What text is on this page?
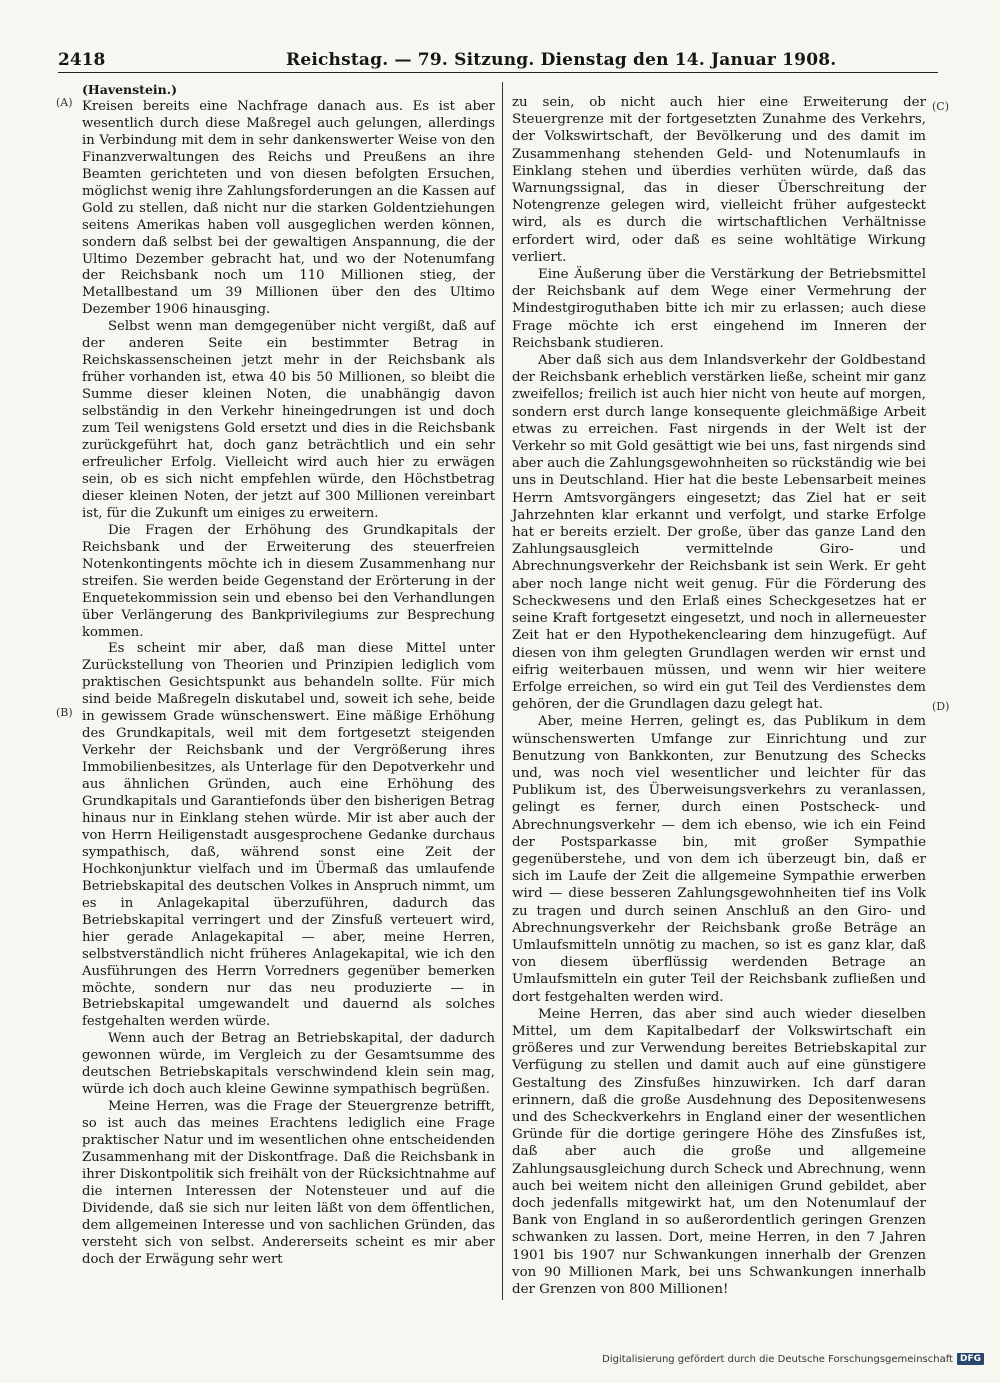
2418	Reichstag. — 79. Sitzung. Dienstag den 14. Januar 1908.
(A)
(B)
(C)
(D)
(Havenstein.)

Kreisen bereits eine Nachfrage danach aus. Es ist aber wesentlich durch diese Maßregel auch gelungen, allerdings in Verbindung mit dem in sehr dankenswerter Weise von den Finanzverwaltungen des Reichs und Preußens an ihre Beamten gerichteten und von diesen befolgten Ersuchen, möglichst wenig ihre Zahlungsforderungen an die Kassen auf Gold zu stellen, daß nicht nur die starken Goldentziehungen seitens Amerikas haben voll ausgeglichen werden können, sondern daß selbst bei der gewaltigen Anspannung, die der Ultimo Dezember gebracht hat, und wo der Notenumfang der Reichsbank noch um 110 Millionen stieg, der Metallbestand um 39 Millionen über den des Ultimo Dezember 1906 hinausging.

Selbst wenn man demgegenüber nicht vergißt, daß auf der anderen Seite ein bestimmter Betrag in Reichskassenscheinen jetzt mehr in der Reichsbank als früher vorhanden ist, etwa 40 bis 50 Millionen, so bleibt die Summe dieser kleinen Noten, die unabhängig davon selbständig in den Verkehr hineingedrungen ist und doch zum Teil wenigstens Gold ersetzt und dies in die Reichsbank zurückgeführt hat, doch ganz beträchtlich und ein sehr erfreulicher Erfolg. Vielleicht wird auch hier zu erwägen sein, ob es sich nicht empfehlen würde, den Höchstbetrag dieser kleinen Noten, der jetzt auf 300 Millionen vereinbart ist, für die Zukunft um einiges zu erweitern.

Die Fragen der Erhöhung des Grundkapitals der Reichsbank und der Erweiterung des steuerfreien Notenkontingents möchte ich in diesem Zusammenhang nur streifen. Sie werden beide Gegenstand der Erörterung in der Enquetekommission sein und ebenso bei den Verhandlungen über Verlängerung des Bankprivilegiums zur Besprechung kommen.

Es scheint mir aber, daß man diese Mittel unter Zurückstellung von Theorien und Prinzipien lediglich vom praktischen Gesichtspunkt aus behandeln sollte. Für mich sind beide Maßregeln diskutabel und, soweit ich sehe, beide in gewissem Grade wünschenswert. Eine mäßige Erhöhung des Grundkapitals, weil mit dem fortgesetzt steigenden Verkehr der Reichsbank und der Vergrößerung ihres Immobilienbesitzes, als Unterlage für den Depotverkehr und aus ähnlichen Gründen, auch eine Erhöhung des Grundkapitals und Garantiefonds über den bisherigen Betrag hinaus nur in Einklang stehen würde. Mir ist aber auch der von Herrn Heiligenstadt ausgesprochene Gedanke durchaus sympathisch, daß, während sonst eine Zeit der Hochkonjunktur vielfach und im Übermaß das umlaufende Betriebskapital des deutschen Volkes in Anspruch nimmt, um es in Anlagekapital überzuführen, dadurch das Betriebskapital verringert und der Zinsfuß verteuert wird, hier gerade Anlagekapital — aber, meine Herren, selbstverständlich nicht früheres Anlagekapital, wie ich den Ausführungen des Herrn Vorredners gegenüber bemerken möchte, sondern nur das neu produzierte — in Betriebskapital umgewandelt und dauernd als solches festgehalten werden würde.

Wenn auch der Betrag an Betriebskapital, der dadurch gewonnen würde, im Vergleich zu der Gesamtsumme des deutschen Betriebskapitals verschwindend klein sein mag, würde ich doch auch kleine Gewinne sympathisch begrüßen.

Meine Herren, was die Frage der Steuergrenze betrifft, so ist auch das meines Erachtens lediglich eine Frage praktischer Natur und im wesentlichen ohne entscheidenden Zusammenhang mit der Diskontfrage. Daß die Reichsbank in ihrer Diskontpolitik sich freihält von der Rücksichtnahme auf die internen Interessen der Notensteuer und auf die Dividende, daß sie sich nur leiten läßt von dem öffentlichen, dem allgemeinen Interesse und von sachlichen Gründen, das versteht sich von selbst. Andererseits scheint es mir aber doch der Erwägung sehr wert

zu sein, ob nicht auch hier eine Erweiterung der Steuergrenze mit der fortgesetzten Zunahme des Verkehrs, der Volkswirtschaft, der Bevölkerung und des damit im Zusammenhang stehenden Geld- und Notenumlaufs in Einklang stehen und überdies verhüten würde, daß das Warnungssignal, das in dieser Überschreitung der Notengrenze gelegen wird, vielleicht früher aufgesteckt wird, als es durch die wirtschaftlichen Verhältnisse erfordert wird, oder daß es seine wohltätige Wirkung verliert.

Eine Äußerung über die Verstärkung der Betriebsmittel der Reichsbank auf dem Wege einer Vermehrung der Mindestgiroguthaben bitte ich mir zu erlassen; auch diese Frage möchte ich erst eingehend im Inneren der Reichsbank studieren.

Aber daß sich aus dem Inlandsverkehr der Goldbestand der Reichsbank erheblich verstärken ließe, scheint mir ganz zweifellos; freilich ist auch hier nicht von heute auf morgen, sondern erst durch lange konsequente gleichmäßige Arbeit etwas zu erreichen. Fast nirgends in der Welt ist der Verkehr so mit Gold gesättigt wie bei uns, fast nirgends sind aber auch die Zahlungsgewohnheiten so rückständig wie bei uns in Deutschland. Hier hat die beste Lebensarbeit meines Herrn Amtsvorgängers eingesetzt; das Ziel hat er seit Jahrzehnten klar erkannt und verfolgt, und starke Erfolge hat er bereits erzielt. Der große, über das ganze Land den Zahlungsausgleich vermittelnde Giro- und Abrechnungsverkehr der Reichsbank ist sein Werk. Er geht aber noch lange nicht weit genug. Für die Förderung des Scheckwesens und den Erlaß eines Scheckgesetzes hat er seine Kraft fortgesetzt eingesetzt, und noch in allerneuester Zeit hat er den Hypothekenclearing dem hinzugefügt. Auf diesen von ihm gelegten Grundlagen werden wir ernst und eifrig weiterbauen müssen, und wenn wir hier weitere Erfolge erreichen, so wird ein gut Teil des Verdienstes dem gehören, der die Grundlagen dazu gelegt hat.

Aber, meine Herren, gelingt es, das Publikum in dem wünschenswerten Umfange zur Einrichtung und zur Benutzung von Bankkonten, zur Benutzung des Schecks und, was noch viel wesentlicher und leichter für das Publikum ist, des Überweisungsverkehrs zu veranlassen, gelingt es ferner, durch einen Postscheck- und Abrechnungsverkehr — dem ich ebenso, wie ich ein Feind der Postsparkasse bin, mit großer Sympathie gegenüberstehe, und von dem ich überzeugt bin, daß er sich im Laufe der Zeit die allgemeine Sympathie erwerben wird — diese besseren Zahlungsgewohnheiten tief ins Volk zu tragen und durch seinen Anschluß an den Giro- und Abrechnungsverkehr der Reichsbank große Beträge an Umlaufsmitteln unnötig zu machen, so ist es ganz klar, daß von diesem überflüssig werdenden Betrage an Umlaufsmitteln ein guter Teil der Reichsbank zufließen und dort festgehalten werden wird.

Meine Herren, das aber sind auch wieder dieselben Mittel, um dem Kapitalbedarf der Volkswirtschaft ein größeres und zur Verwendung bereites Betriebskapital zur Verfügung zu stellen und damit auch auf eine günstigere Gestaltung des Zinsfußes hinzuwirken. Ich darf daran erinnern, daß die große Ausdehnung des Depositenwesens und des Scheckverkehrs in England einer der wesentlichen Gründe für die dortige geringere Höhe des Zinsfußes ist, daß aber auch die große und allgemeine Zahlungsausgleichung durch Scheck und Abrechnung, wenn auch bei weitem nicht den alleinigen Grund gebildet, aber doch jedenfalls mitgewirkt hat, um den Notenumlauf der Bank von England in so außerordentlich geringen Grenzen schwanken zu lassen. Dort, meine Herren, in den 7 Jahren 1901 bis 1907 nur Schwankungen innerhalb der Grenzen von 90 Millionen Mark, bei uns Schwankungen innerhalb der Grenzen von 800 Millionen!

Digitalisierung gefördert durch die Deutsche Forschungsgemeinschaft DFG
